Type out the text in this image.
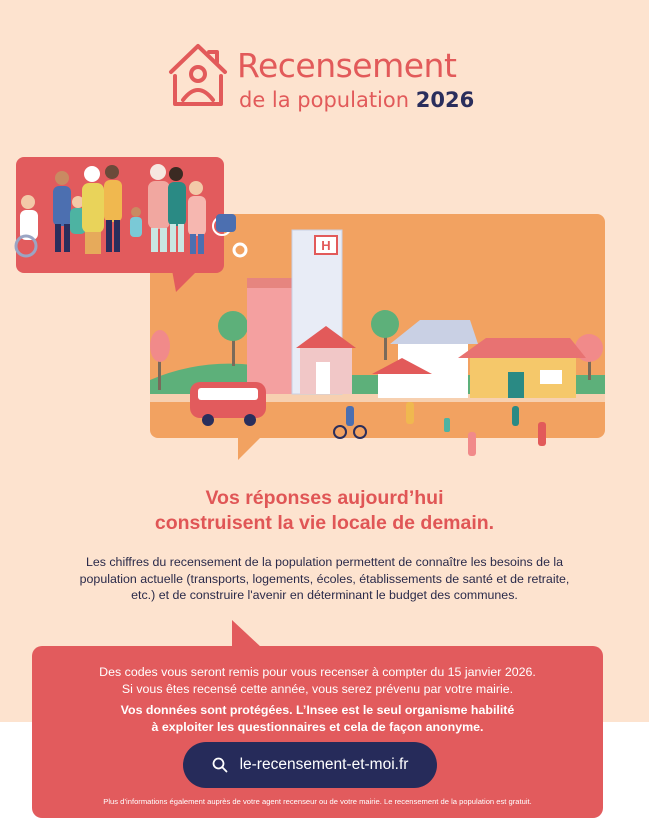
Recensement
de la population 2026
H
Vos réponses aujourd’hui
construisent la vie locale de demain.
Les chiffres du recensement de la population permettent de connaître les besoins de la
population actuelle (transports, logements, écoles, établissements de santé et de retraite,
etc.) et de construire l'avenir en déterminant le budget des communes.
Des codes vous seront remis pour vous recenser à compter du 15 janvier 2026.
Si vous êtes recensé cette année, vous serez prévenu par votre mairie.
Vos données sont protégées. L’Insee est le seul organisme habilité
à exploiter les questionnaires et cela de façon anonyme.
le-recensement-et-moi.fr
Plus d’informations également auprès de votre agent recenseur ou de votre mairie. Le recensement de la population est gratuit.
